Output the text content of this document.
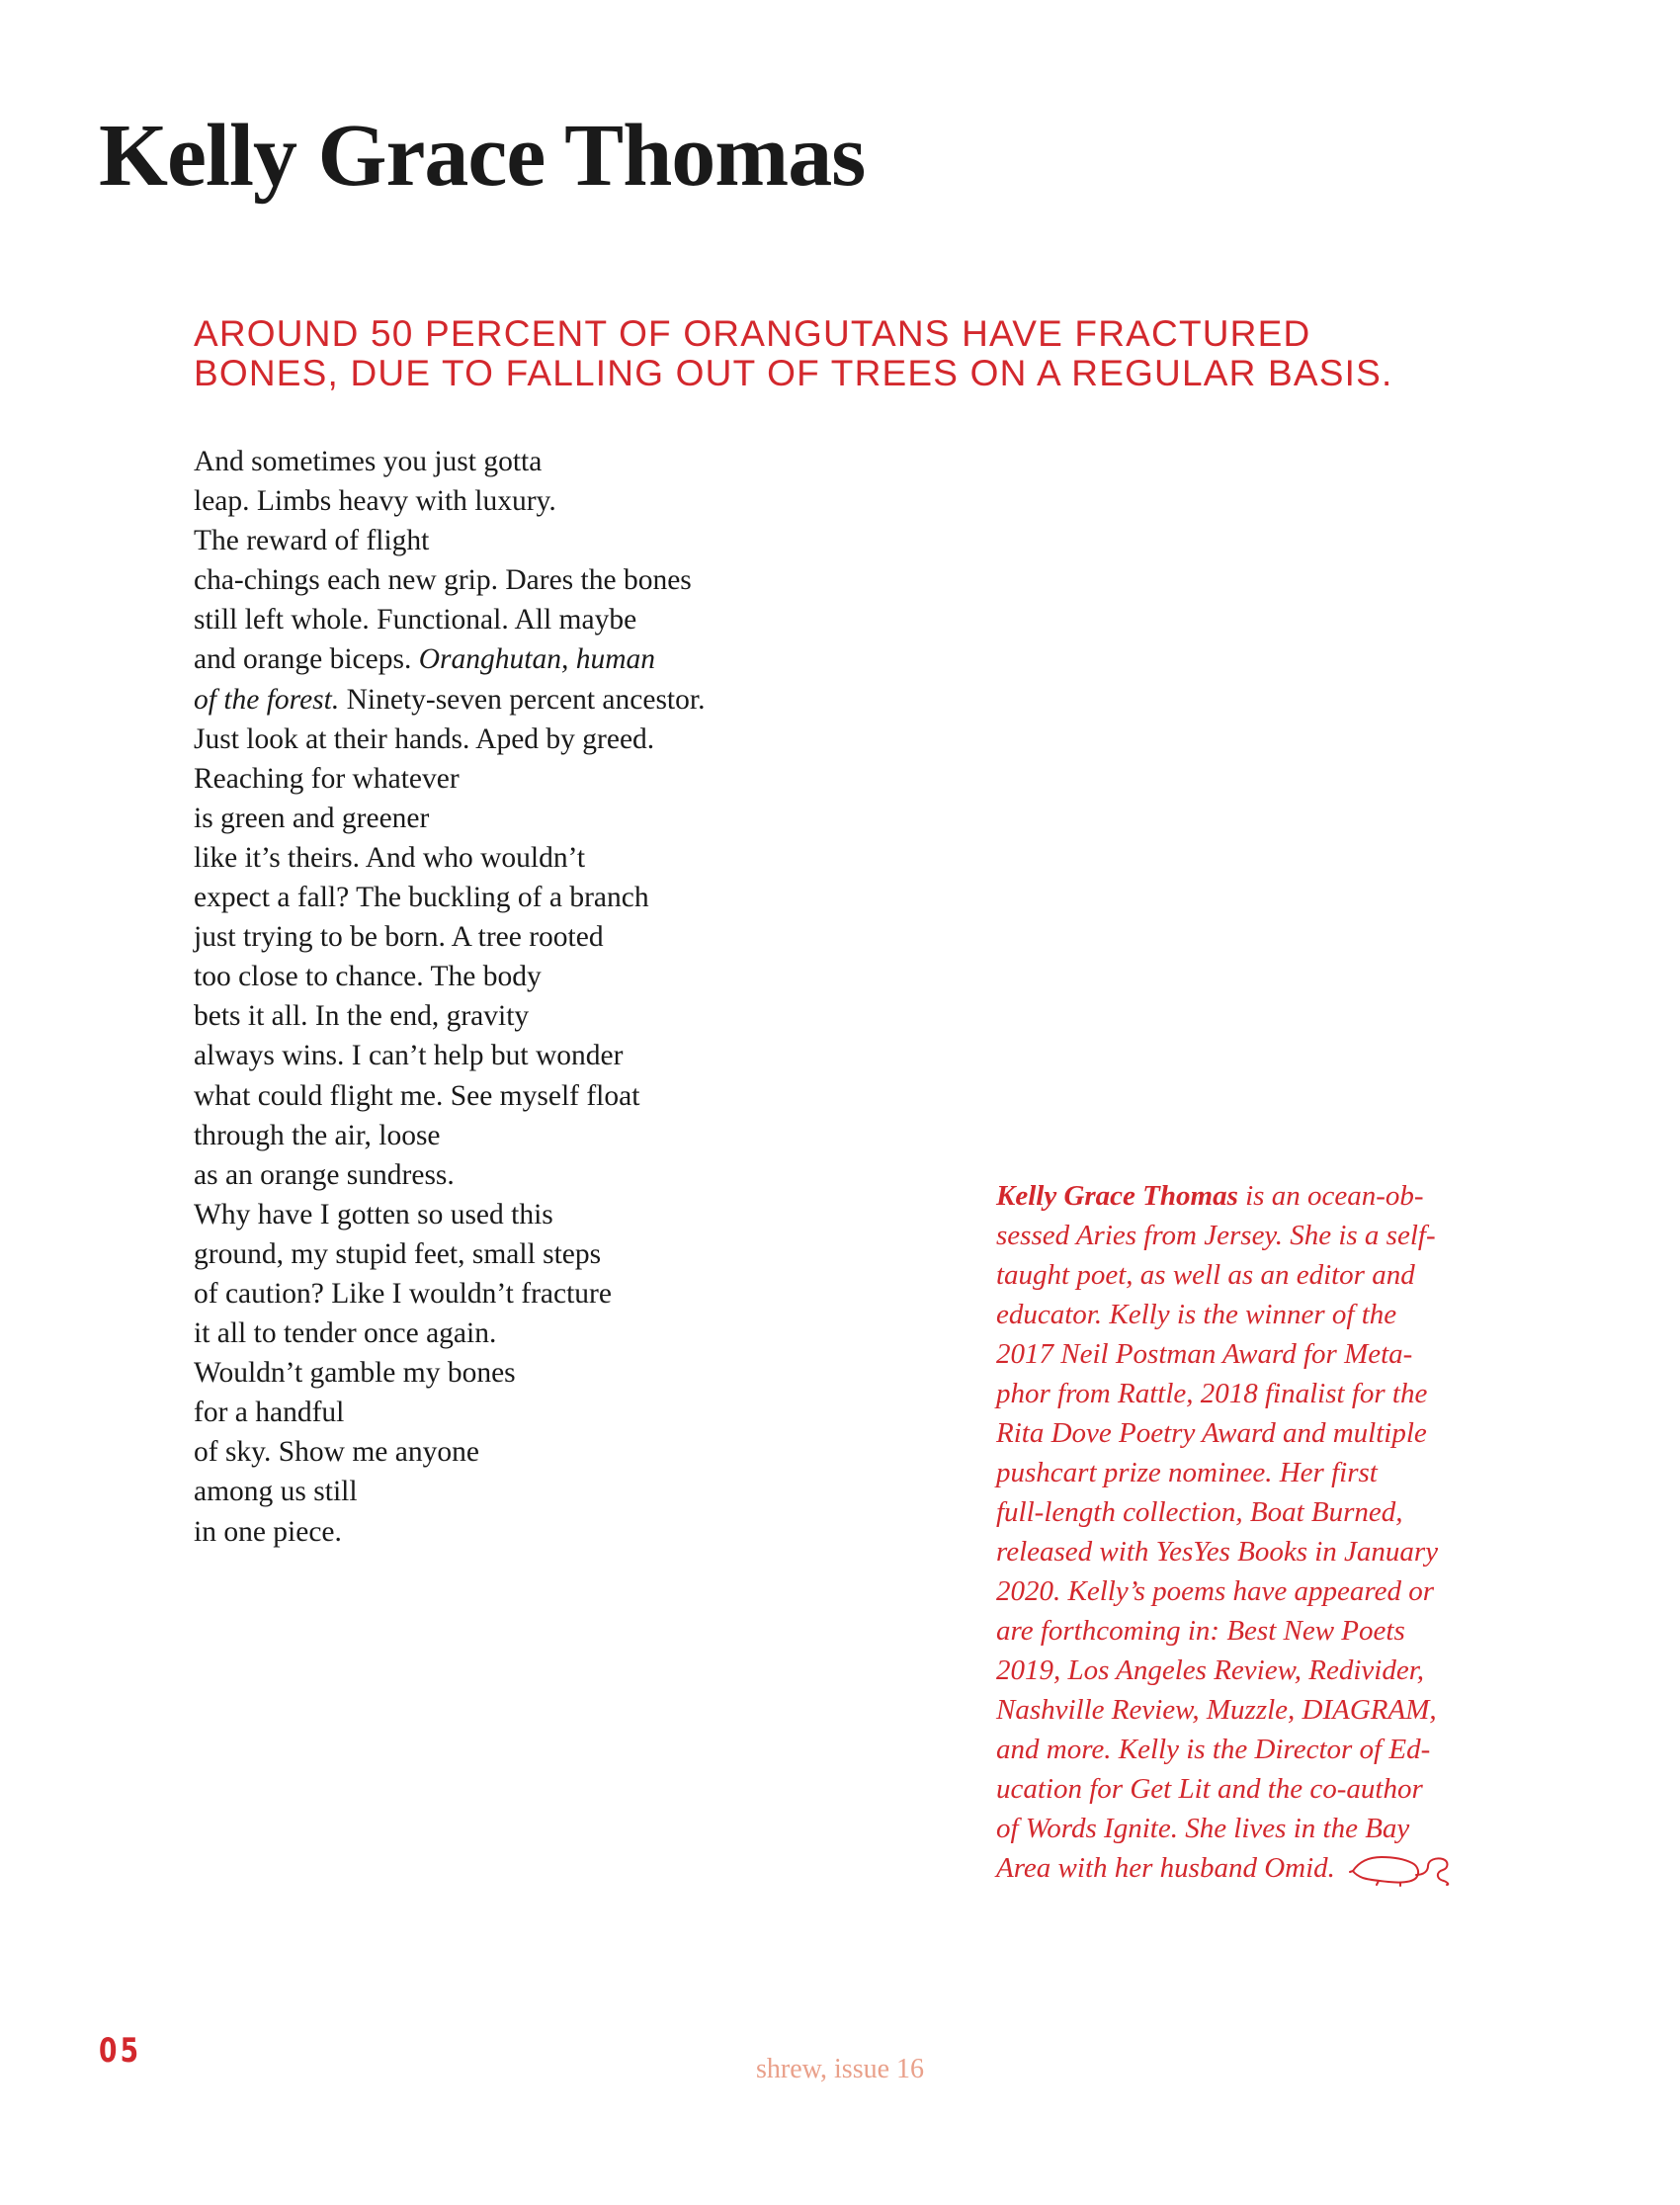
Kelly Grace Thomas
AROUND 50 PERCENT OF ORANGUTANS HAVE FRACTURED
BONES, DUE TO FALLING OUT OF TREES ON A REGULAR BASIS.
And sometimes you just gotta
leap. Limbs heavy with luxury.
The reward of flight
cha-chings each new grip. Dares the bones
still left whole. Functional. All maybe
and orange biceps. Oranghutan, human
of the forest. Ninety-seven percent ancestor.
Just look at their hands. Aped by greed.
Reaching for whatever
is green and greener
like it’s theirs. And who wouldn’t
expect a fall? The buckling of a branch
just trying to be born. A tree rooted
too close to chance. The body
bets it all. In the end, gravity
always wins. I can’t help but wonder
what could flight me. See myself float
through the air, loose
as an orange sundress.
Why have I gotten so used this
ground, my stupid feet, small steps
of caution? Like I wouldn’t fracture
it all to tender once again.
Wouldn’t gamble my bones
for a handful
of sky. Show me anyone
among us still
in one piece.
Kelly Grace Thomas is an ocean-ob-
sessed Aries from Jersey. She is a self-
taught poet, as well as an editor and
educator. Kelly is the winner of the
2017 Neil Postman Award for Meta-
phor from Rattle, 2018 finalist for the
Rita Dove Poetry Award and multiple
pushcart prize nominee. Her first
full-length collection, Boat Burned,
released with YesYes Books in January
2020. Kelly’s poems have appeared or
are forthcoming in: Best New Poets
2019, Los Angeles Review, Redivider,
Nashville Review, Muzzle, DIAGRAM,
and more. Kelly is the Director of Ed-
ucation for Get Lit and the co-author
of Words Ignite. She lives in the Bay
Area with her husband Omid.
05	shrew, issue 16
